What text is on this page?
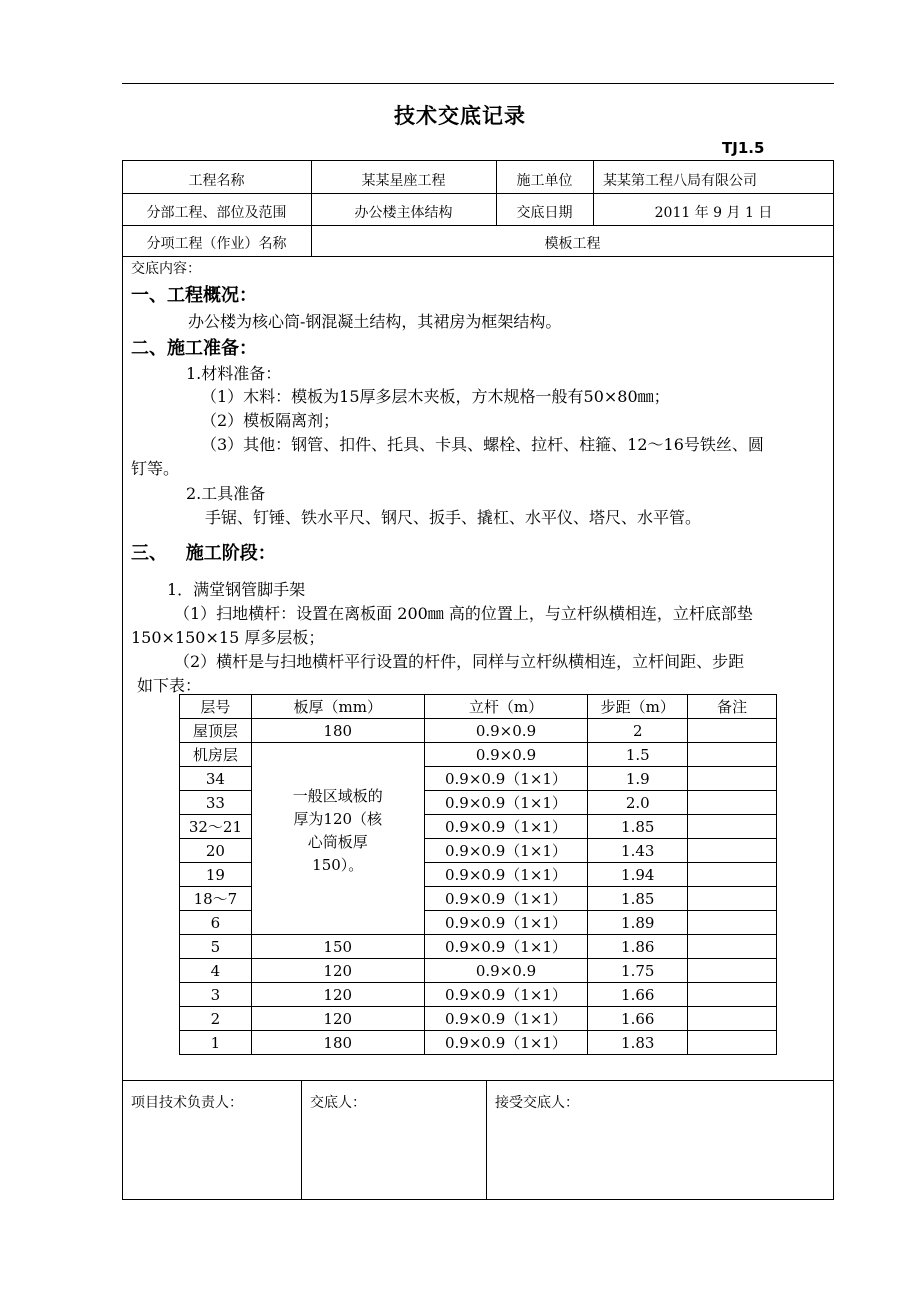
技术交底记录
TJ1.5
工程名称	某某星座工程	施工单位	某某第工程八局有限公司
分部工程、部位及范围	办公楼主体结构	交底日期	2011 年 9 月 1 日
分项工程（作业）名称	模板工程
交底内容：
一、工程概况：
办公楼为核心筒-钢混凝土结构，其裙房为框架结构。
二、施工准备：
1.材料准备：
（1）木料：模板为15厚多层木夹板，方木规格一般有50×80㎜；
（2）模板隔离剂；
（3）其他：钢管、扣件、托具、卡具、螺栓、拉杆、柱箍、12～16号铁丝、圆
钉等。
2.工具准备
手锯、钉锤、铁水平尺、钢尺、扳手、撬杠、水平仪、塔尺、水平管。
三、   施工阶段：
1．满堂钢管脚手架
（1）扫地横杆：设置在离板面 200㎜ 高的位置上，与立杆纵横相连，立杆底部垫
150×150×15 厚多层板；
（2）横杆是与扫地横杆平行设置的杆件，同样与立杆纵横相连，立杆间距、步距
如下表：
层号	板厚（mm）	立杆（m）	步距（m）	备注
屋顶层	180	0.9×0.9	2	
机房层	一般区域板的厚为120（核心筒板厚150）。	0.9×0.9	1.5	
34		0.9×0.9（1×1）	1.9	
33		0.9×0.9（1×1）	2.0	
32～21		0.9×0.9（1×1）	1.85	
20		0.9×0.9（1×1）	1.43	
19		0.9×0.9（1×1）	1.94	
18～7		0.9×0.9（1×1）	1.85	
6		0.9×0.9（1×1）	1.89	
5	150	0.9×0.9（1×1）	1.86	
4	120	0.9×0.9	1.75	
3	120	0.9×0.9（1×1）	1.66	
2	120	0.9×0.9（1×1）	1.66	
1	180	0.9×0.9（1×1）	1.83	
项目技术负责人：	交底人：	接受交底人：
